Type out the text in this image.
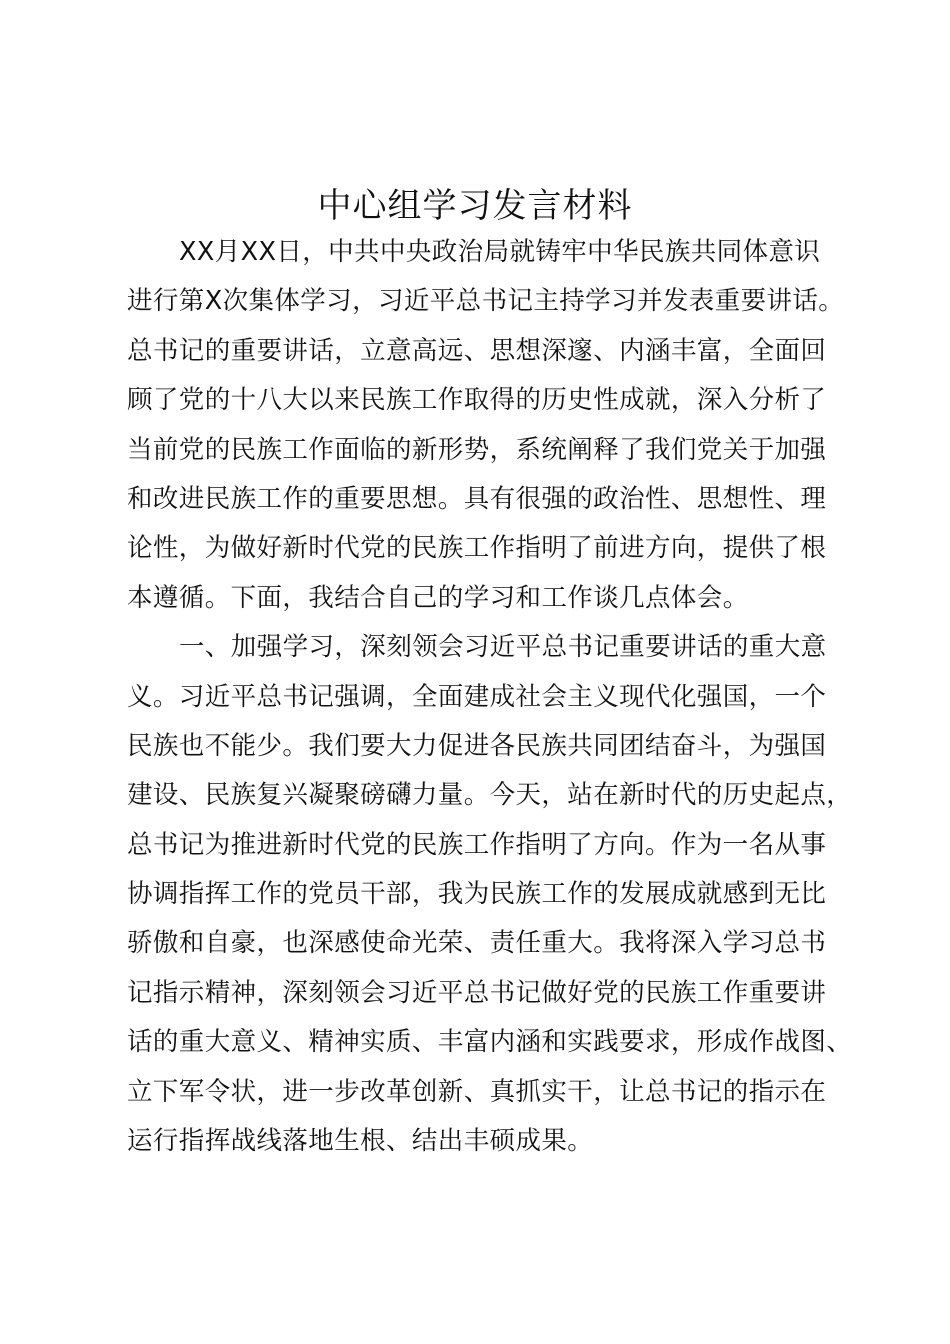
中心组学习发言材料
XX月XX日，中共中央政治局就铸牢中华民族共同体意识
进行第X次集体学习，习近平总书记主持学习并发表重要讲话。
总书记的重要讲话，立意高远、思想深邃、内涵丰富，全面回
顾了党的十八大以来民族工作取得的历史性成就，深入分析了
当前党的民族工作面临的新形势，系统阐释了我们党关于加强
和改进民族工作的重要思想。具有很强的政治性、思想性、理
论性，为做好新时代党的民族工作指明了前进方向，提供了根
本遵循。下面，我结合自己的学习和工作谈几点体会。
一、加强学习，深刻领会习近平总书记重要讲话的重大意
义。习近平总书记强调，全面建成社会主义现代化强国，一个
民族也不能少。我们要大力促进各民族共同团结奋斗，为强国
建设、民族复兴凝聚磅礴力量。今天，站在新时代的历史起点，
总书记为推进新时代党的民族工作指明了方向。作为一名从事
协调指挥工作的党员干部，我为民族工作的发展成就感到无比
骄傲和自豪，也深感使命光荣、责任重大。我将深入学习总书
记指示精神，深刻领会习近平总书记做好党的民族工作重要讲
话的重大意义、精神实质、丰富内涵和实践要求，形成作战图、
立下军令状，进一步改革创新、真抓实干，让总书记的指示在
运行指挥战线落地生根、结出丰硕成果。
